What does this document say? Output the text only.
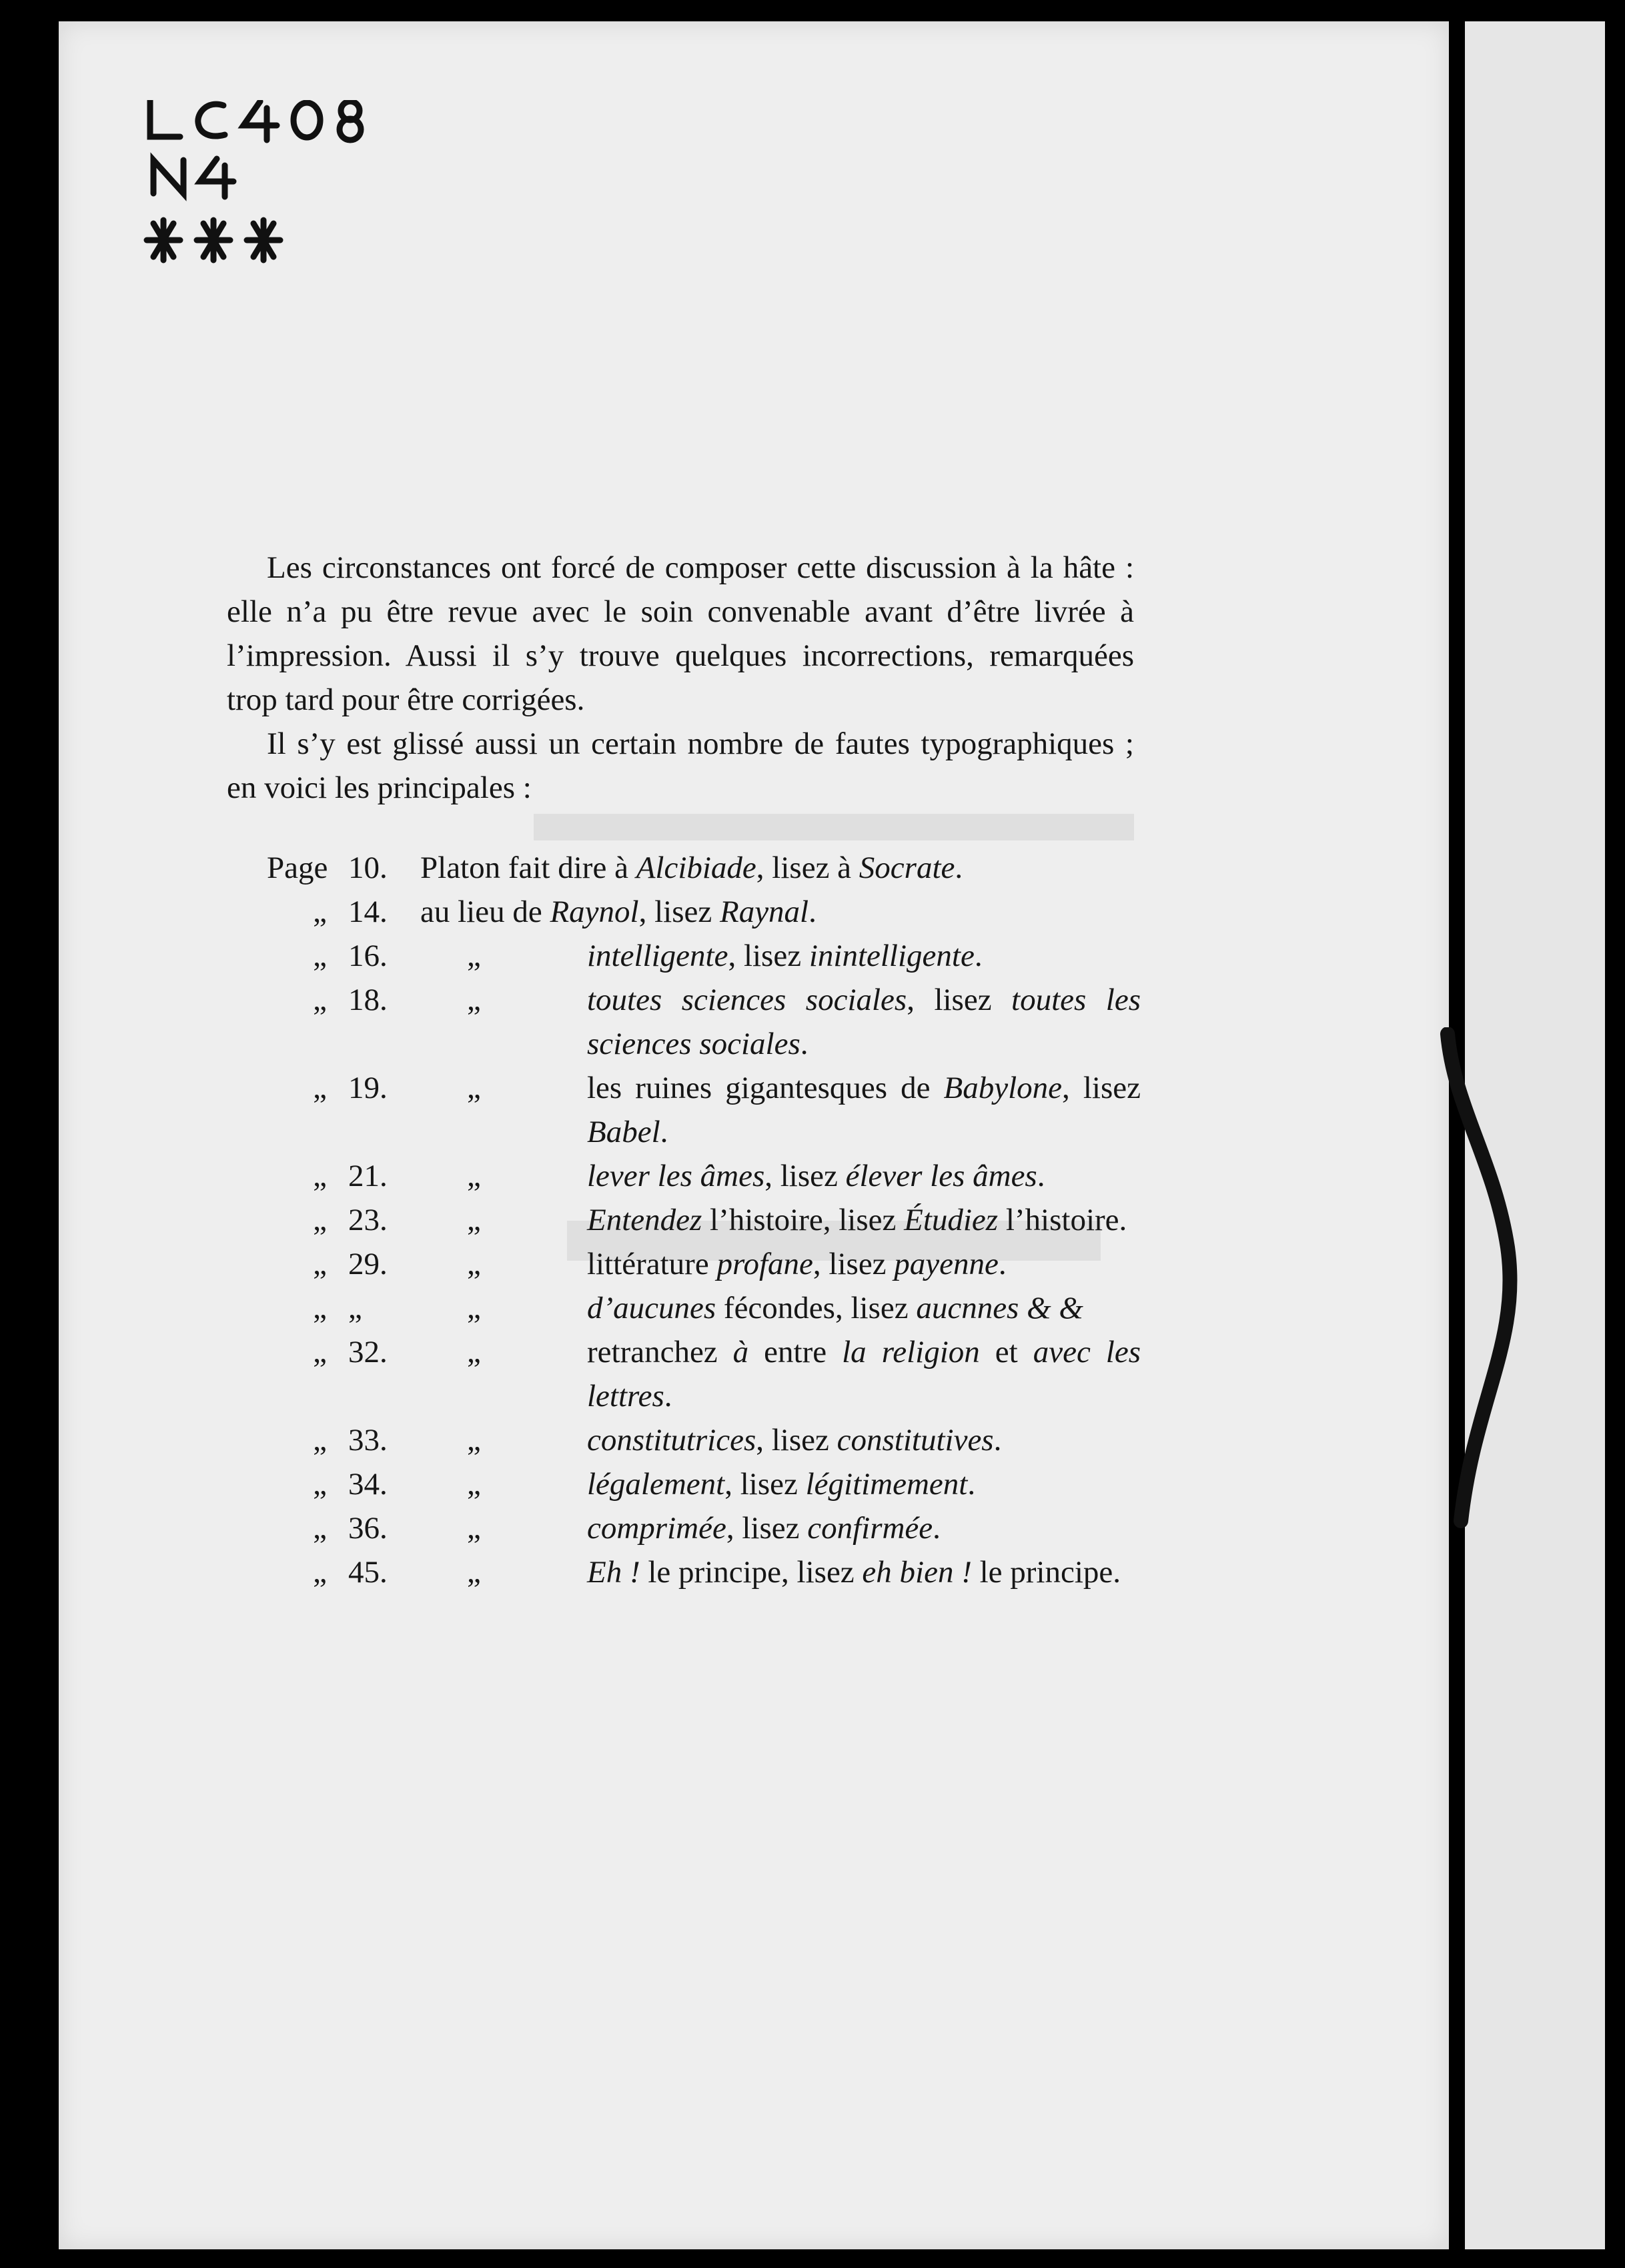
Les circonstances ont forcé de composer cette discussion à la hâte : elle n’a pu être revue avec le soin convenable avant d’être livrée à l’impression. Aussi il s’y trouve quelques incorrections, remarquées trop tard pour être corrigées.

Il s’y est glissé aussi un certain nombre de fautes typographiques ; en voici les principales :

Page 10.	Platon fait dire à Alcibiade, lisez à Socrate.
„ 14.	au lieu de Raynol, lisez Raynal.
„ 16.	„	intelligente, lisez inintelligente.
„ 18.	„	toutes sciences sociales, lisez toutes les sciences sociales.
„ 19.	„	les ruines gigantesques de Babylone, lisez Babel.
„ 21.	„	lever les âmes, lisez élever les âmes.
„ 23.	„	Entendez l’histoire, lisez Étudiez l’histoire.
„ 29.	„	littérature profane, lisez payenne.
„ „	„	d’aucunes fécondes, lisez aucnnes & &
„ 32.	„	retranchez à entre la religion et avec les lettres.
„ 33.	„	constitutrices, lisez constitutives.
„ 34.	„	légalement, lisez légitimement.
„ 36.	„	comprimée, lisez confirmée.
„ 45.	„	Eh ! le principe, lisez eh bien ! le principe.
